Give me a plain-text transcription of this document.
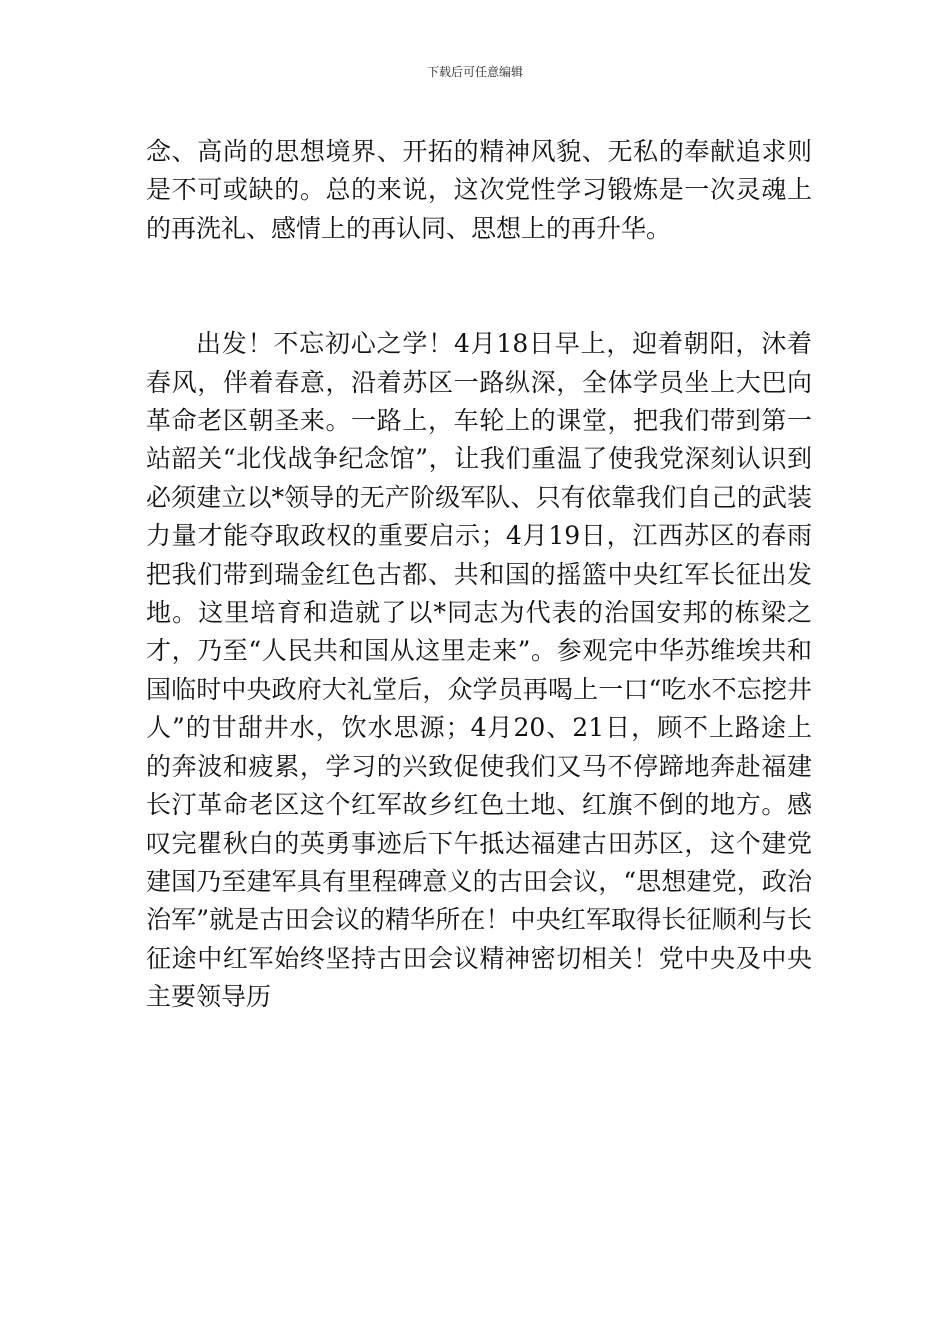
下载后可任意编辑

念、高尚的思想境界、开拓的精神风貌、无私的奉献追求则是不可或缺的。总的来说，这次党性学习锻炼是一次灵魂上的再洗礼、感情上的再认同、思想上的再升华。

出发！不忘初心之学！4月18日早上，迎着朝阳，沐着春风，伴着春意，沿着苏区一路纵深，全体学员坐上大巴向革命老区朝圣来。一路上，车轮上的课堂，把我们带到第一站韶关“北伐战争纪念馆”，让我们重温了使我党深刻认识到必须建立以*领导的无产阶级军队、只有依靠我们自己的武装力量才能夺取政权的重要启示；4月19日，江西苏区的春雨把我们带到瑞金红色古都、共和国的摇篮中央红军长征出发地。这里培育和造就了以*同志为代表的治国安邦的栋梁之才，乃至“人民共和国从这里走来”。参观完中华苏维埃共和国临时中央政府大礼堂后，众学员再喝上一口“吃水不忘挖井人”的甘甜井水，饮水思源；4月20、21日，顾不上路途上的奔波和疲累，学习的兴致促使我们又马不停蹄地奔赴福建长汀革命老区这个红军故乡红色土地、红旗不倒的地方。感叹完瞿秋白的英勇事迹后下午抵达福建古田苏区，这个建党建国乃至建军具有里程碑意义的古田会议，“思想建党，政治治军”就是古田会议的精华所在！中央红军取得长征顺利与长征途中红军始终坚持古田会议精神密切相关！党中央及中央主要领导历
